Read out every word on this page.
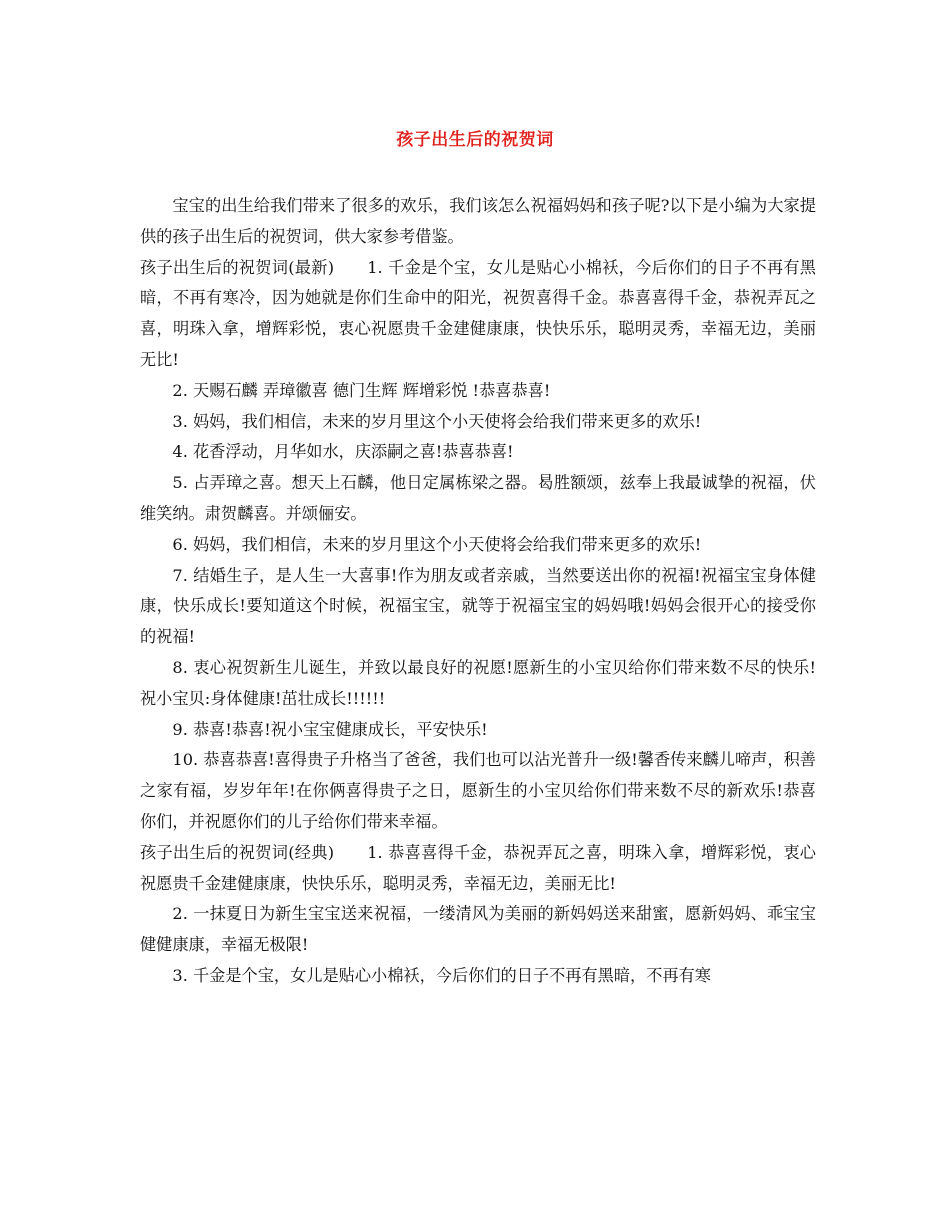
孩子出生后的祝贺词

宝宝的出生给我们带来了很多的欢乐，我们该怎么祝福妈妈和孩子呢?以下是小编为大家提供的孩子出生后的祝贺词，供大家参考借鉴。

孩子出生后的祝贺词(最新)　　1. 千金是个宝，女儿是贴心小棉袄，今后你们的日子不再有黑暗，不再有寒冷，因为她就是你们生命中的阳光，祝贺喜得千金。恭喜喜得千金，恭祝弄瓦之喜，明珠入拿，增辉彩悦，衷心祝愿贵千金建健康康，快快乐乐，聪明灵秀，幸福无边，美丽无比!

2. 天赐石麟 弄璋徽喜 德门生辉 辉增彩悦 !恭喜恭喜!

3. 妈妈，我们相信，未来的岁月里这个小天使将会给我们带来更多的欢乐!

4. 花香浮动，月华如水，庆添嗣之喜!恭喜恭喜!

5. 占弄璋之喜。想天上石麟，他日定属栋梁之器。曷胜额颂，兹奉上我最诚挚的祝福，伏维笑纳。肃贺麟喜。并颂俪安。

6. 妈妈，我们相信，未来的岁月里这个小天使将会给我们带来更多的欢乐!

7. 结婚生子，是人生一大喜事!作为朋友或者亲戚，当然要送出你的祝福!祝福宝宝身体健康，快乐成长!要知道这个时候，祝福宝宝，就等于祝福宝宝的妈妈哦!妈妈会很开心的接受你的祝福!

8. 衷心祝贺新生儿诞生，并致以最良好的祝愿!愿新生的小宝贝给你们带来数不尽的快乐!祝小宝贝:身体健康!茁壮成长!!!!!!

9. 恭喜!恭喜!祝小宝宝健康成长，平安快乐!

10. 恭喜恭喜!喜得贵子升格当了爸爸，我们也可以沾光普升一级!馨香传来麟儿啼声，积善之家有福，岁岁年年!在你俩喜得贵子之日，愿新生的小宝贝给你们带来数不尽的新欢乐!恭喜你们，并祝愿你们的儿子给你们带来幸福。

孩子出生后的祝贺词(经典)　　1. 恭喜喜得千金，恭祝弄瓦之喜，明珠入拿，增辉彩悦，衷心祝愿贵千金建健康康，快快乐乐，聪明灵秀，幸福无边，美丽无比!

2. 一抹夏日为新生宝宝送来祝福，一缕清风为美丽的新妈妈送来甜蜜，愿新妈妈、乖宝宝健健康康，幸福无极限!

3. 千金是个宝，女儿是贴心小棉袄，今后你们的日子不再有黑暗，不再有寒
